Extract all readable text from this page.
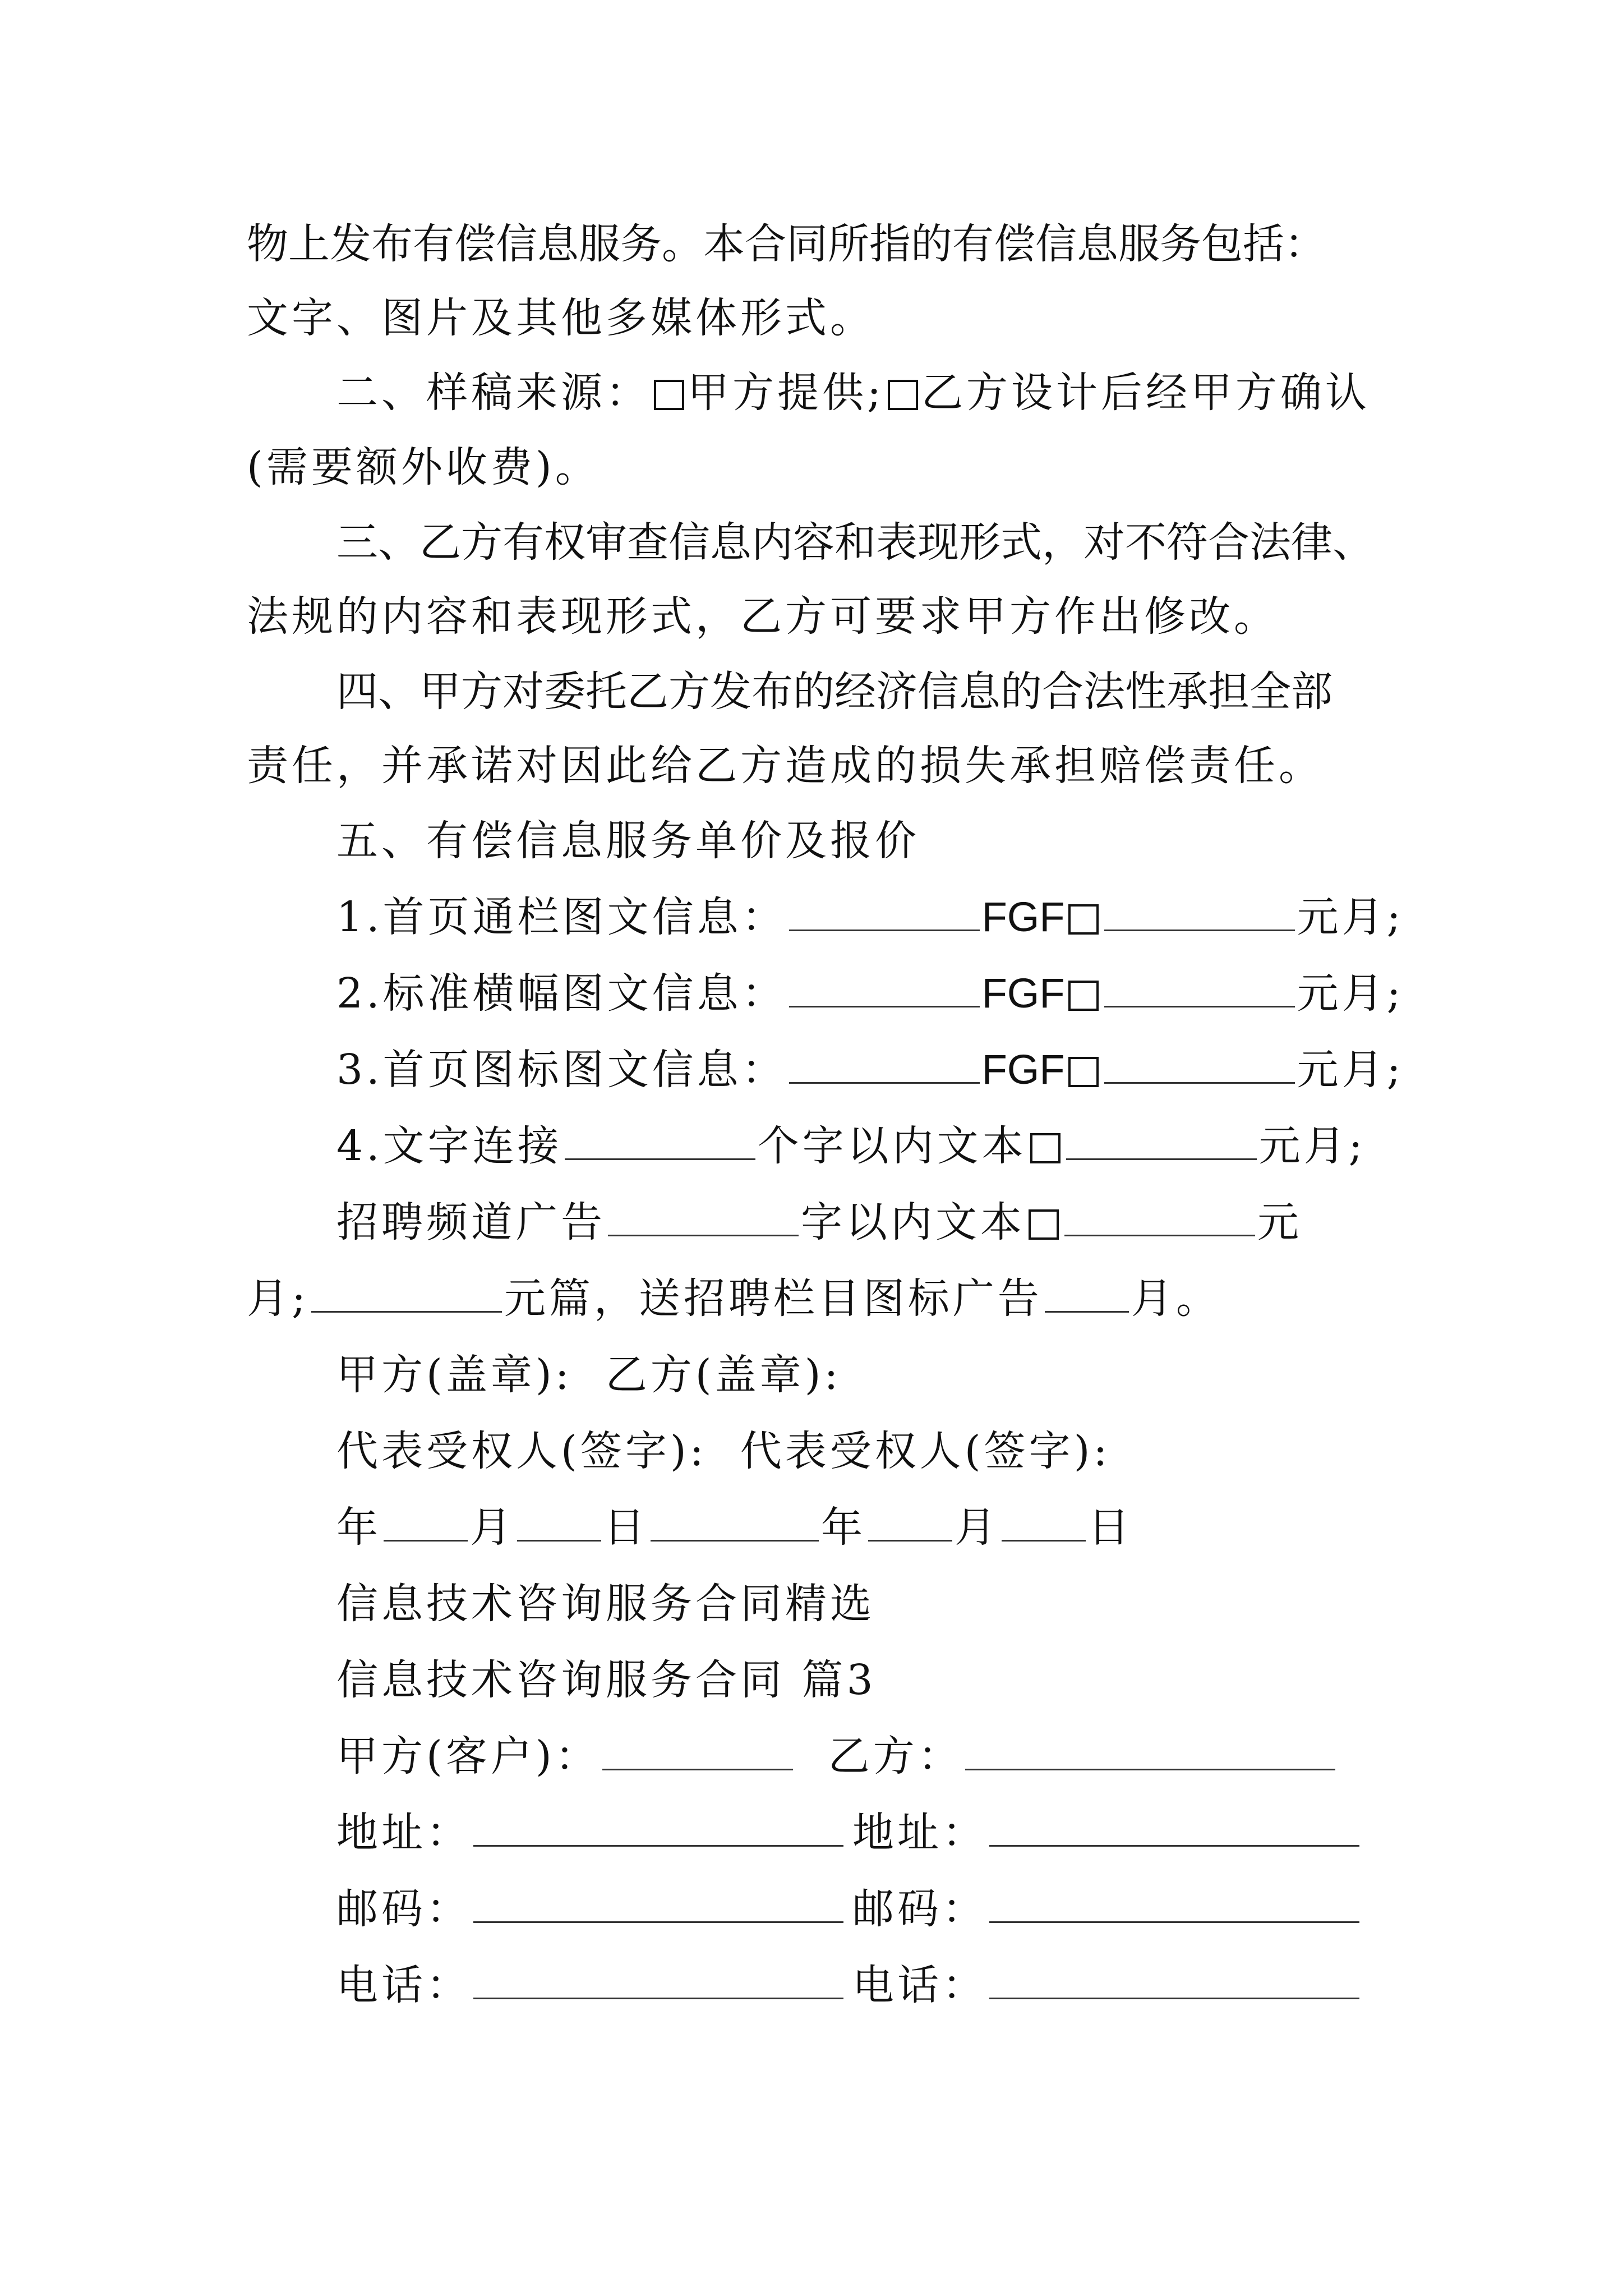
物上发布有偿信息服务。本合同所指的有偿信息服务包括：
文字、图片及其他多媒体形式。
二、样稿来源： 甲方提供; 乙方设计后经甲方确认
(需要额外收费)。
三、乙方有权审查信息内容和表现形式，对不符合法律、
法规的内容和表现形式，乙方可要求甲方作出修改。
四、甲方对委托乙方发布的经济信息的合法性承担全部
责任，并承诺对因此给乙方造成的损失承担赔偿责任。
五、有偿信息服务单价及报价
1.首页通栏图文信息：	FGF	元月;
2.标准横幅图文信息：	FGF	元月;
3.首页图标图文信息：	FGF	元月;
4.文字连接	个字以内文本	元月;
招聘频道广告	字以内文本	元
月;	元篇，送招聘栏目图标广告 月。
甲方(盖章): 乙方(盖章):
代表受权人(签字): 代表受权人(签字):
年 月 日	年 月 日
信息技术咨询服务合同精选
信息技术咨询服务合同 篇3
甲方(客户)：	乙方：
地址：	地址：
邮码：	邮码：
电话：	电话：
